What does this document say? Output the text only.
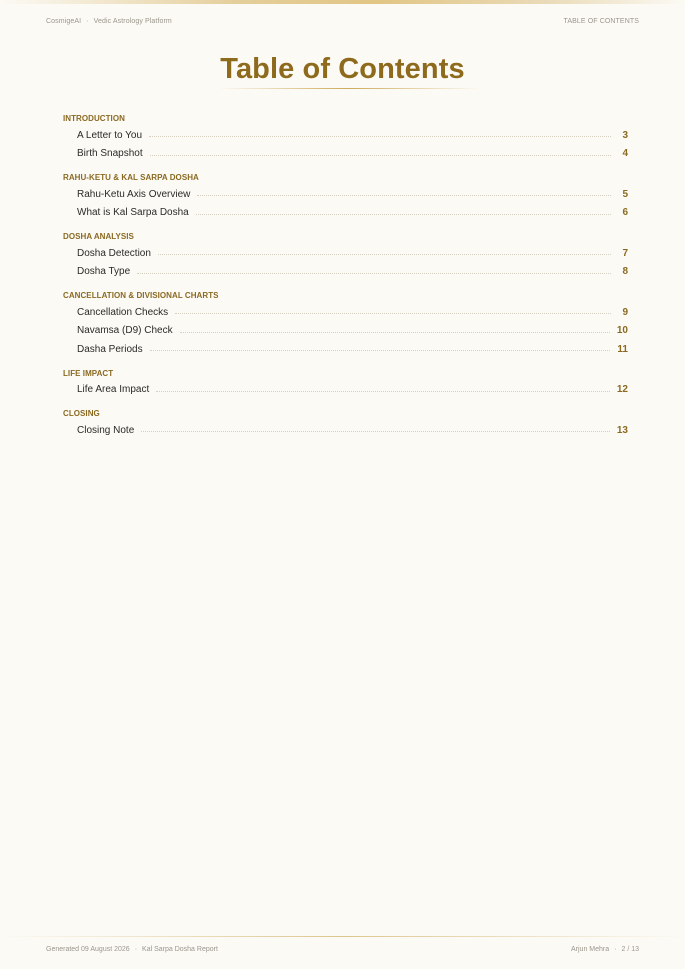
CosmigeAI · Vedic Astrology Platform	TABLE OF CONTENTS
Table of Contents
INTRODUCTION
A Letter to You	3
Birth Snapshot	4
RAHU-KETU & KAL SARPA DOSHA
Rahu-Ketu Axis Overview	5
What is Kal Sarpa Dosha	6
DOSHA ANALYSIS
Dosha Detection	7
Dosha Type	8
CANCELLATION & DIVISIONAL CHARTS
Cancellation Checks	9
Navamsa (D9) Check	10
Dasha Periods	11
LIFE IMPACT
Life Area Impact	12
CLOSING
Closing Note	13
Generated 09 August 2026 · Kal Sarpa Dosha Report	Arjun Mehra · 2 / 13
